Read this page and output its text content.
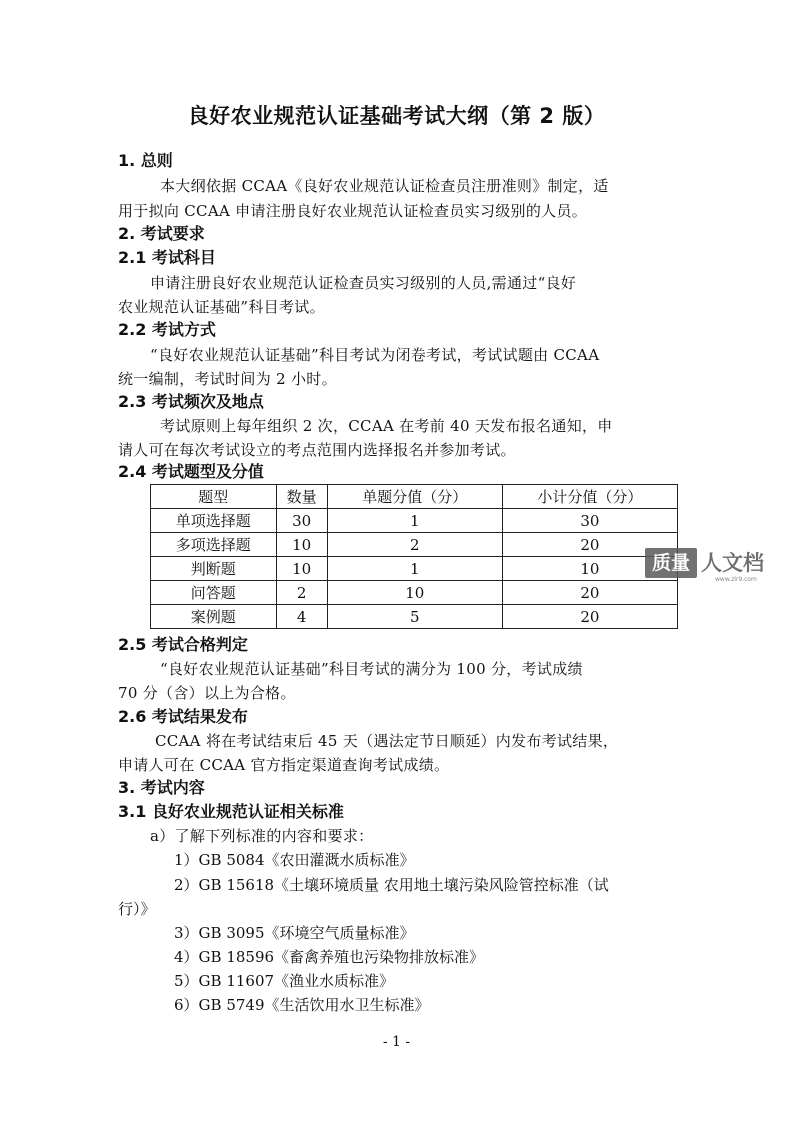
良好农业规范认证基础考试大纲（第 2 版）
1. 总则
本大纲依据 CCAA《良好农业规范认证检查员注册准则》制定，适
用于拟向 CCAA 申请注册良好农业规范认证检查员实习级别的人员。
2. 考试要求
2.1 考试科目
申请注册良好农业规范认证检查员实习级别的人员,需通过“良好
农业规范认证基础”科目考试。
2.2 考试方式
“良好农业规范认证基础”科目考试为闭卷考试，考试试题由 CCAA
统一编制，考试时间为 2 小时。
2.3 考试频次及地点
考试原则上每年组织 2 次，CCAA 在考前 40 天发布报名通知，申
请人可在每次考试设立的考点范围内选择报名并参加考试。
2.4 考试题型及分值
题型	数量	单题分值（分）	小计分值（分）
单项选择题	30	1	30
多项选择题	10	2	20
判断题	10	1	10
问答题	2	10	20
案例题	4	5	20
质量 人文档
www.zlr9.com
2.5 考试合格判定
“良好农业规范认证基础”科目考试的满分为 100 分，考试成绩
70 分（含）以上为合格。
2.6 考试结果发布
CCAA 将在考试结束后 45 天（遇法定节日顺延）内发布考试结果，
申请人可在 CCAA 官方指定渠道查询考试成绩。
3. 考试内容
3.1 良好农业规范认证相关标准
a）了解下列标准的内容和要求：
1）GB 5084《农田灌溉水质标准》
2）GB 15618《土壤环境质量 农用地土壤污染风险管控标准（试
行）》
3）GB 3095《环境空气质量标准》
4）GB 18596《畜禽养殖也污染物排放标准》
5）GB 11607《渔业水质标准》
6）GB 5749《生活饮用水卫生标准》
- 1 -
